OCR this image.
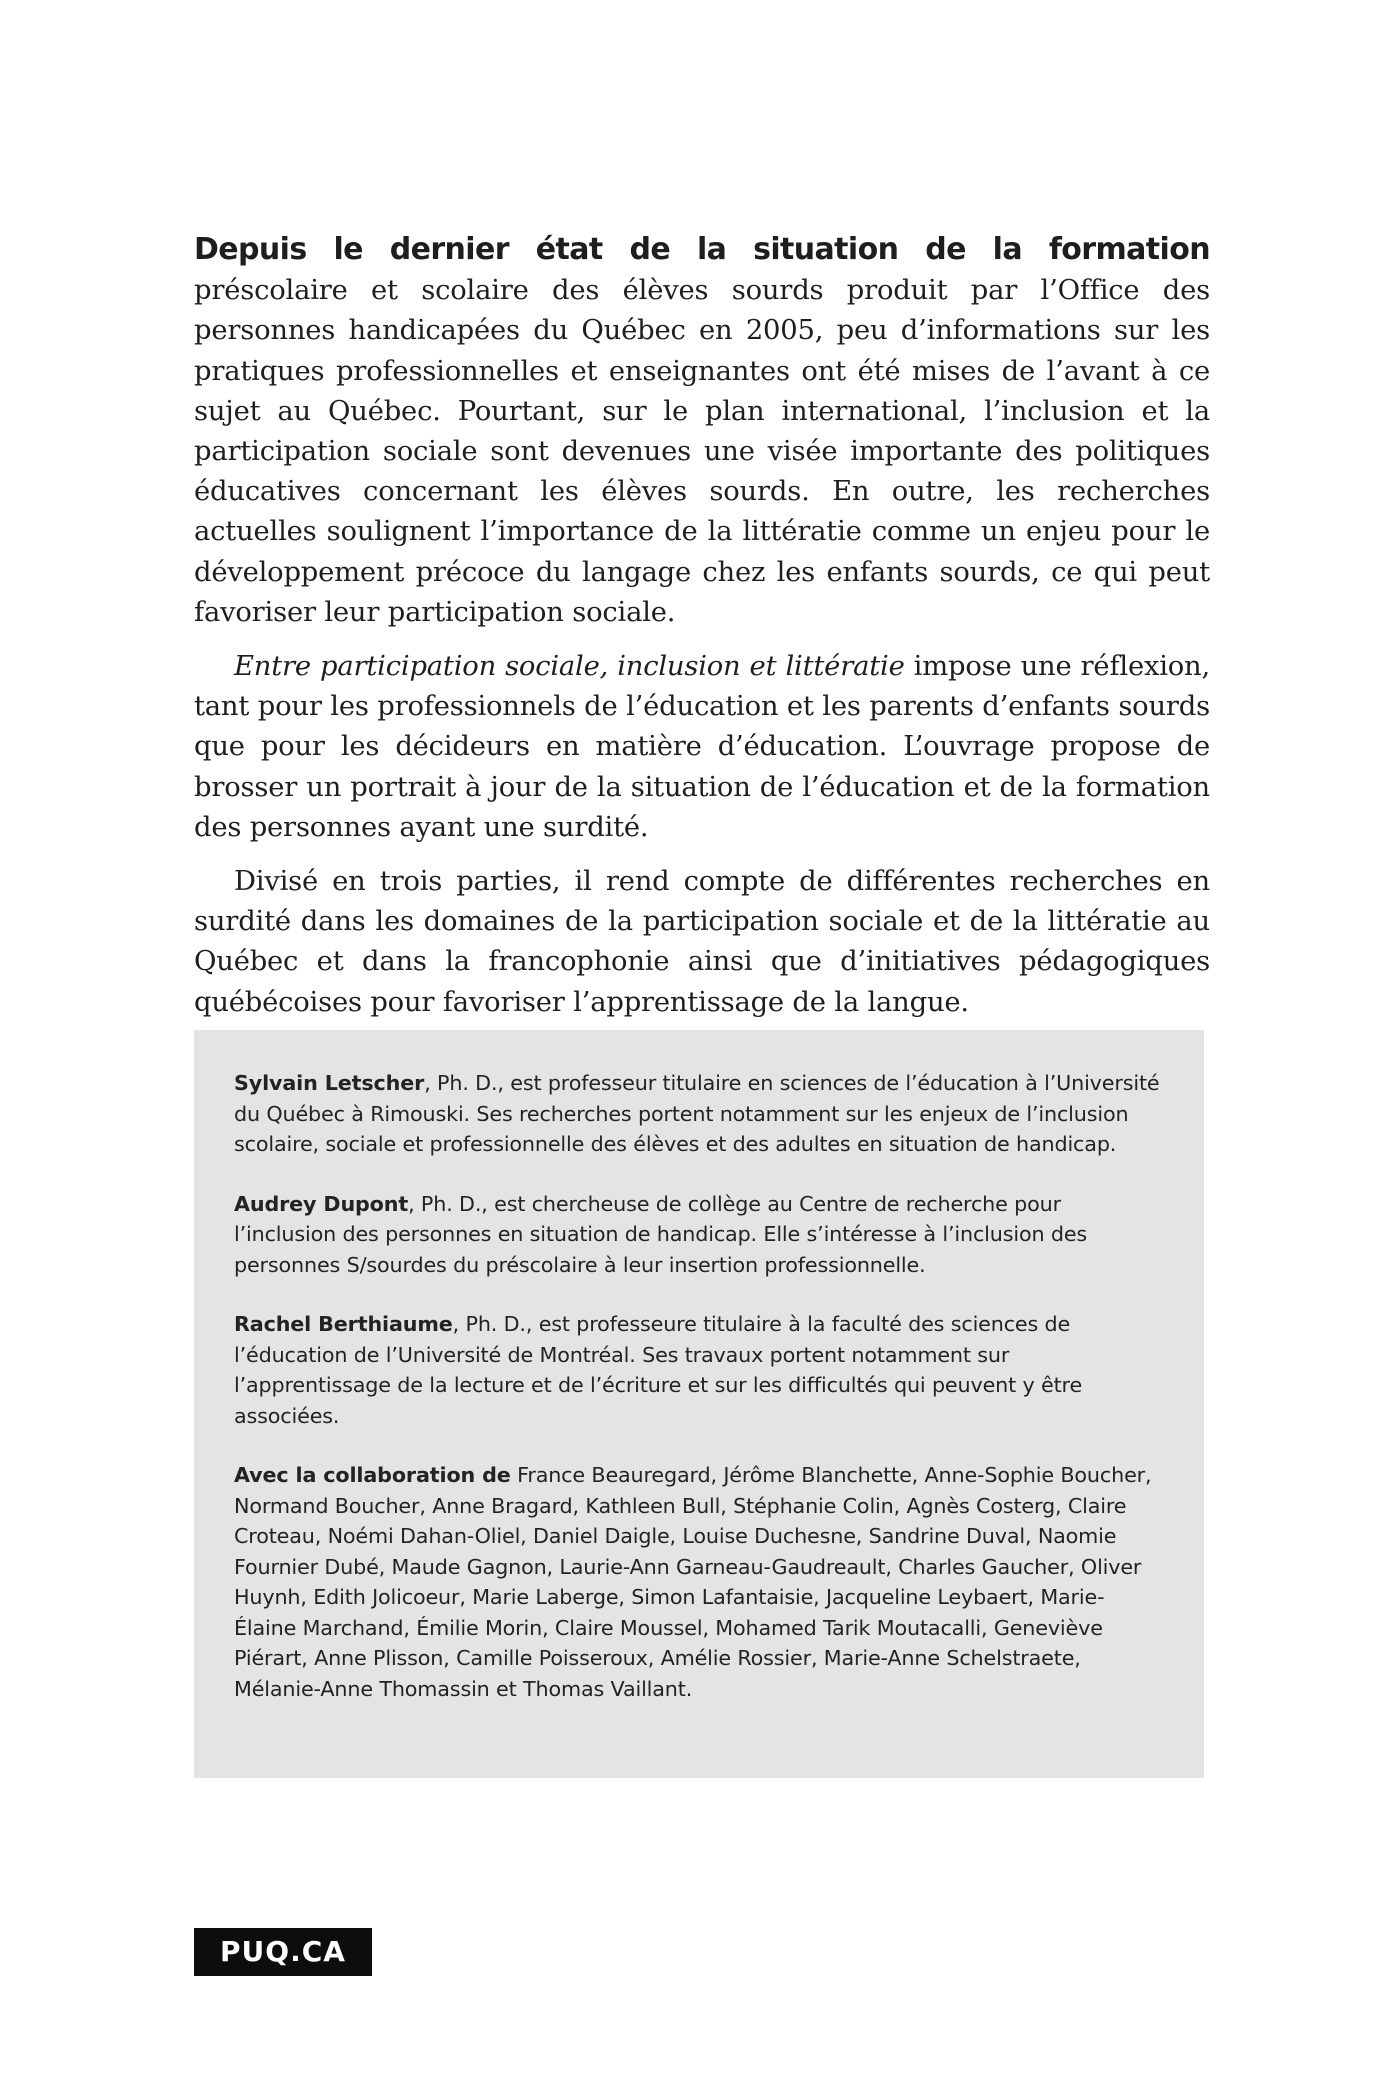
Depuis le dernier état de la situation de la formation préscolaire et scolaire des élèves sourds produit par l’Office des personnes handicapées du Québec en 2005, peu d’informations sur les pratiques professionnelles et enseignantes ont été mises de l’avant à ce sujet au Québec. Pourtant, sur le plan international, l’inclusion et la participation sociale sont devenues une visée importante des politiques éducatives concernant les élèves sourds. En outre, les recherches actuelles soulignent l’importance de la littératie comme un enjeu pour le développement précoce du langage chez les enfants sourds, ce qui peut favoriser leur participation sociale.

Entre participation sociale, inclusion et littératie impose une réflexion, tant pour les professionnels de l’éducation et les parents d’enfants sourds que pour les décideurs en matière d’éducation. L’ouvrage propose de brosser un portrait à jour de la situation de l’éducation et de la formation des personnes ayant une surdité.

Divisé en trois parties, il rend compte de différentes recherches en surdité dans les domaines de la participation sociale et de la littératie au Québec et dans la francophonie ainsi que d’initiatives pédagogiques québécoises pour favoriser l’apprentissage de la langue.

Sylvain Letscher, Ph. D., est professeur titulaire en sciences de l’éducation à l’Université du Québec à Rimouski. Ses recherches portent notamment sur les enjeux de l’inclusion scolaire, sociale et professionnelle des élèves et des adultes en situation de handicap.

Audrey Dupont, Ph. D., est chercheuse de collège au Centre de recherche pour l’inclusion des personnes en situation de handicap. Elle s’intéresse à l’inclusion des personnes S/sourdes du préscolaire à leur insertion professionnelle.

Rachel Berthiaume, Ph. D., est professeure titulaire à la faculté des sciences de l’éducation de l’Université de Montréal. Ses travaux portent notamment sur l’apprentissage de la lecture et de l’écriture et sur les difficultés qui peuvent y être associées.

Avec la collaboration de France Beauregard, Jérôme Blanchette, Anne-Sophie Boucher, Normand Boucher, Anne Bragard, Kathleen Bull, Stéphanie Colin, Agnès Costerg, Claire Croteau, Noémi Dahan-Oliel, Daniel Daigle, Louise Duchesne, Sandrine Duval, Naomie Fournier Dubé, Maude Gagnon, Laurie-Ann Garneau-Gaudreault, Charles Gaucher, Oliver Huynh, Edith Jolicoeur, Marie Laberge, Simon Lafantaisie, Jacqueline Leybaert, Marie-Élaine Marchand, Émilie Morin, Claire Moussel, Mohamed Tarik Moutacalli, Geneviève Piérart, Anne Plisson, Camille Poisseroux, Amélie Rossier, Marie-Anne Schelstraete, Mélanie-Anne Thomassin et Thomas Vaillant.

PUQ.CA
